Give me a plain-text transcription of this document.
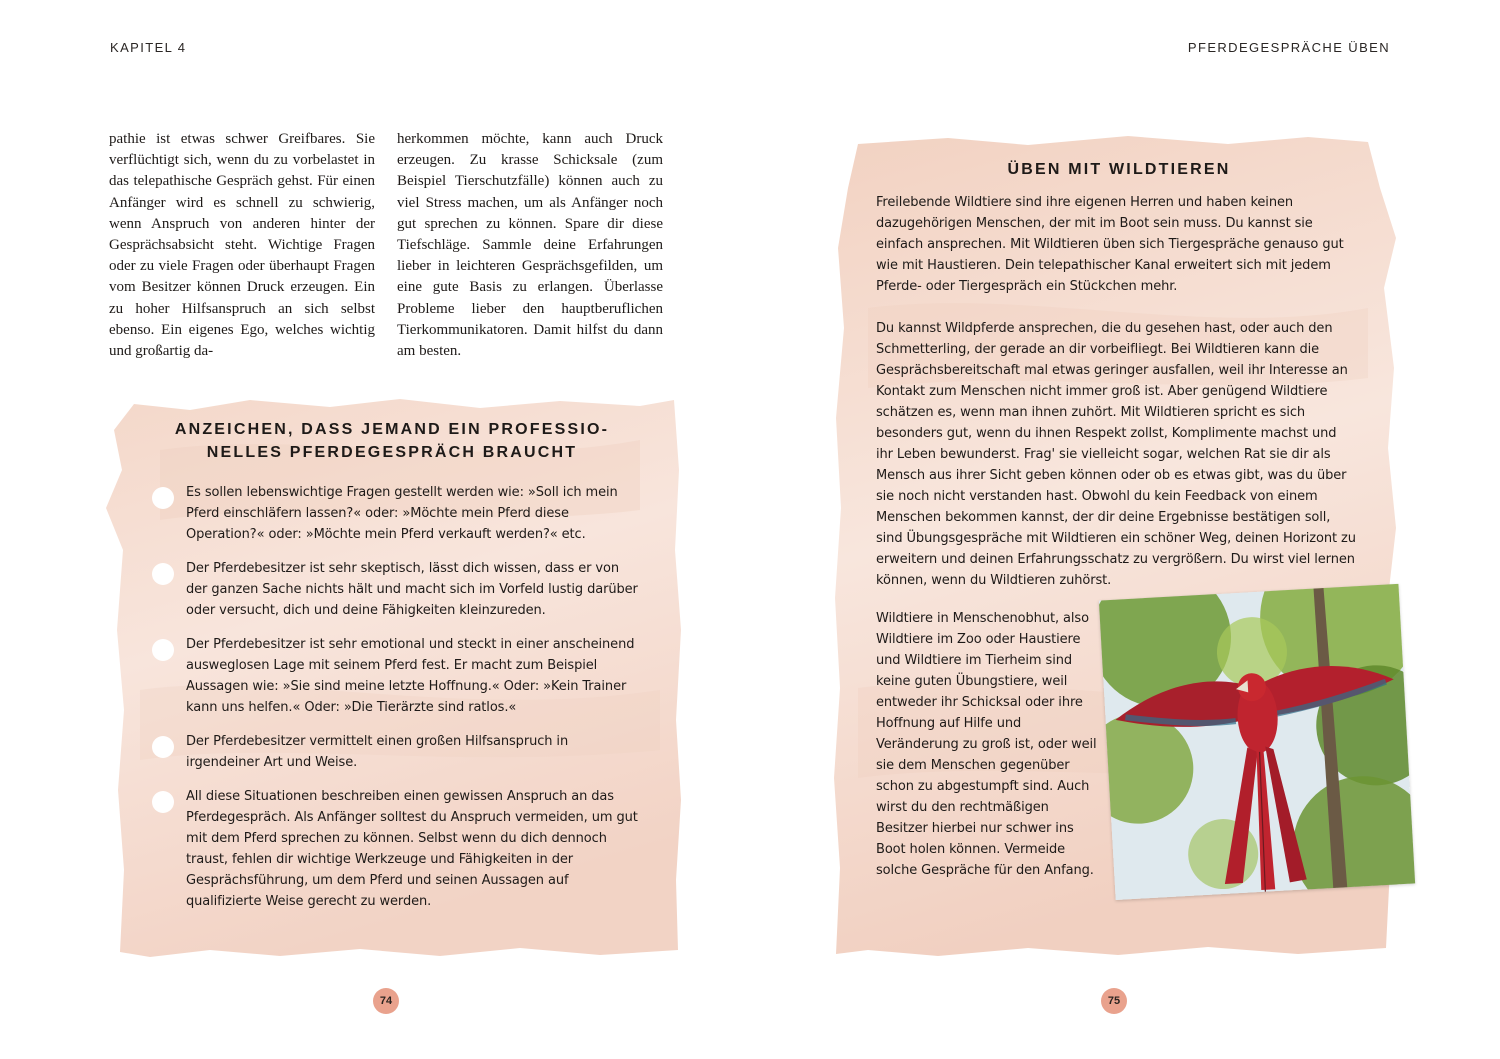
KAPITEL 4	PFERDEGESPRÄCHE ÜBEN

pathie ist etwas schwer Greifbares. Sie verflüchtigt sich, wenn du zu vorbelastet in das telepathische Gespräch gehst. Für einen Anfänger wird es schnell zu schwierig, wenn Anspruch von anderen hinter der Gesprächsabsicht steht. Wichtige Fragen oder zu viele Fragen oder überhaupt Fragen vom Besitzer können Druck erzeugen. Ein zu hoher Hilfsanspruch an sich selbst ebenso. Ein eigenes Ego, welches wichtig und großartig da-

herkommen möchte, kann auch Druck erzeugen. Zu krasse Schicksale (zum Beispiel Tierschutzfälle) können auch zu viel Stress machen, um als Anfänger noch gut sprechen zu können. Spare dir diese Tiefschläge. Sammle deine Erfahrungen lieber in leichteren Gesprächsgefilden, um eine gute Basis zu erlangen. Überlasse Probleme lieber den hauptberuflichen Tierkommunikatoren. Damit hilfst du dann am besten.

ANZEICHEN, DASS JEMAND EIN PROFESSIO-
NELLES PFERDEGESPRÄCH BRAUCHT
Es sollen lebenswichtige Fragen gestellt werden wie: »Soll ich mein Pferd einschläfern lassen?« oder: »Möchte mein Pferd diese Operation?« oder: »Möchte mein Pferd verkauft werden?« etc.
Der Pferdebesitzer ist sehr skeptisch, lässt dich wissen, dass er von der ganzen Sache nichts hält und macht sich im Vorfeld lustig darüber oder versucht, dich und deine Fähigkeiten kleinzureden.
Der Pferdebesitzer ist sehr emotional und steckt in einer anscheinend ausweglosen Lage mit seinem Pferd fest. Er macht zum Beispiel Aussagen wie: »Sie sind meine letzte Hoffnung.« Oder: »Kein Trainer kann uns helfen.« Oder: »Die Tierärzte sind ratlos.«
Der Pferdebesitzer vermittelt einen großen Hilfsanspruch in irgendeiner Art und Weise.
All diese Situationen beschreiben einen gewissen Anspruch an das Pferdegespräch. Als Anfänger solltest du Anspruch vermeiden, um gut mit dem Pferd sprechen zu können. Selbst wenn du dich dennoch traust, fehlen dir wichtige Werkzeuge und Fähigkeiten in der Gesprächsführung, um dem Pferd und seinen Aussagen auf qualifizierte Weise gerecht zu werden.
ÜBEN MIT WILDTIEREN

Freilebende Wildtiere sind ihre eigenen Herren und haben keinen dazugehörigen Menschen, der mit im Boot sein muss. Du kannst sie einfach ansprechen. Mit Wildtieren üben sich Tiergespräche genauso gut wie mit Haustieren. Dein telepathischer Kanal erweitert sich mit jedem Pferde- oder Tiergespräch ein Stückchen mehr.

Du kannst Wildpferde ansprechen, die du gesehen hast, oder auch den Schmetterling, der gerade an dir vorbeifliegt. Bei Wildtieren kann die Gesprächsbereitschaft mal etwas geringer ausfallen, weil ihr Interesse an Kontakt zum Menschen nicht immer groß ist. Aber genügend Wildtiere schätzen es, wenn man ihnen zuhört. Mit Wildtieren spricht es sich besonders gut, wenn du ihnen Respekt zollst, Komplimente machst und ihr Leben bewunderst. Frag' sie vielleicht sogar, welchen Rat sie dir als Mensch aus ihrer Sicht geben können oder ob es etwas gibt, was du über sie noch nicht verstanden hast. Obwohl du kein Feedback von einem Menschen bekommen kannst, der dir deine Ergebnisse bestätigen soll, sind Übungsgespräche mit Wildtieren ein schöner Weg, deinen Horizont zu erweitern und deinen Erfahrungsschatz zu vergrößern. Du wirst viel lernen können, wenn du Wildtieren zuhörst.

Wildtiere in Menschenobhut, also Wildtiere im Zoo oder Haustiere und Wildtiere im Tierheim sind keine guten Übungstiere, weil entweder ihr Schicksal oder ihre Hoffnung auf Hilfe und Veränderung zu groß ist, oder weil sie dem Menschen gegenüber schon zu abgestumpft sind. Auch wirst du den rechtmäßigen Besitzer hierbei nur schwer ins Boot holen können. Vermeide solche Gespräche für den Anfang.

74	75
